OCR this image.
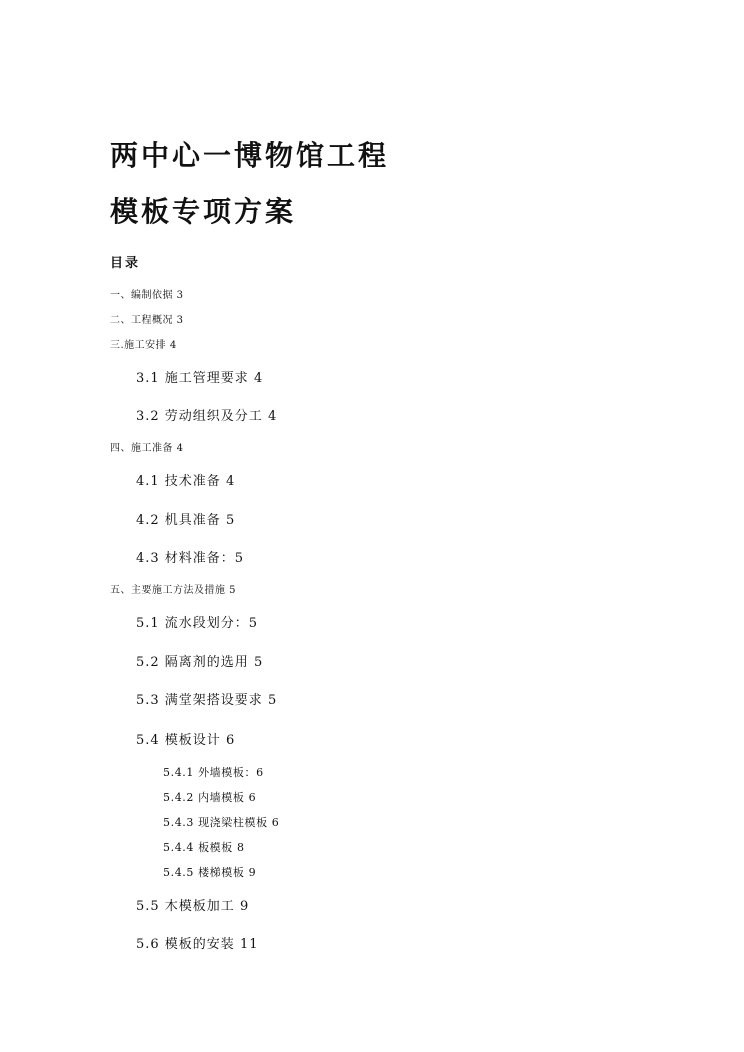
两中心一博物馆工程
模板专项方案
目录
一、编制依据 3
二、工程概况 3
三.施工安排 4
3.1 施工管理要求 4
3.2 劳动组织及分工 4
四、施工准备 4
4.1 技术准备 4
4.2 机具准备 5
4.3 材料准备：5
五、主要施工方法及措施 5
5.1 流水段划分：5
5.2 隔离剂的选用 5
5.3 满堂架搭设要求 5
5.4 模板设计 6
5.4.1 外墙模板：6
5.4.2 内墙模板 6
5.4.3 现浇梁柱模板 6
5.4.4 板模板 8
5.4.5 楼梯模板 9
5.5 木模板加工 9
5.6 模板的安装 11
